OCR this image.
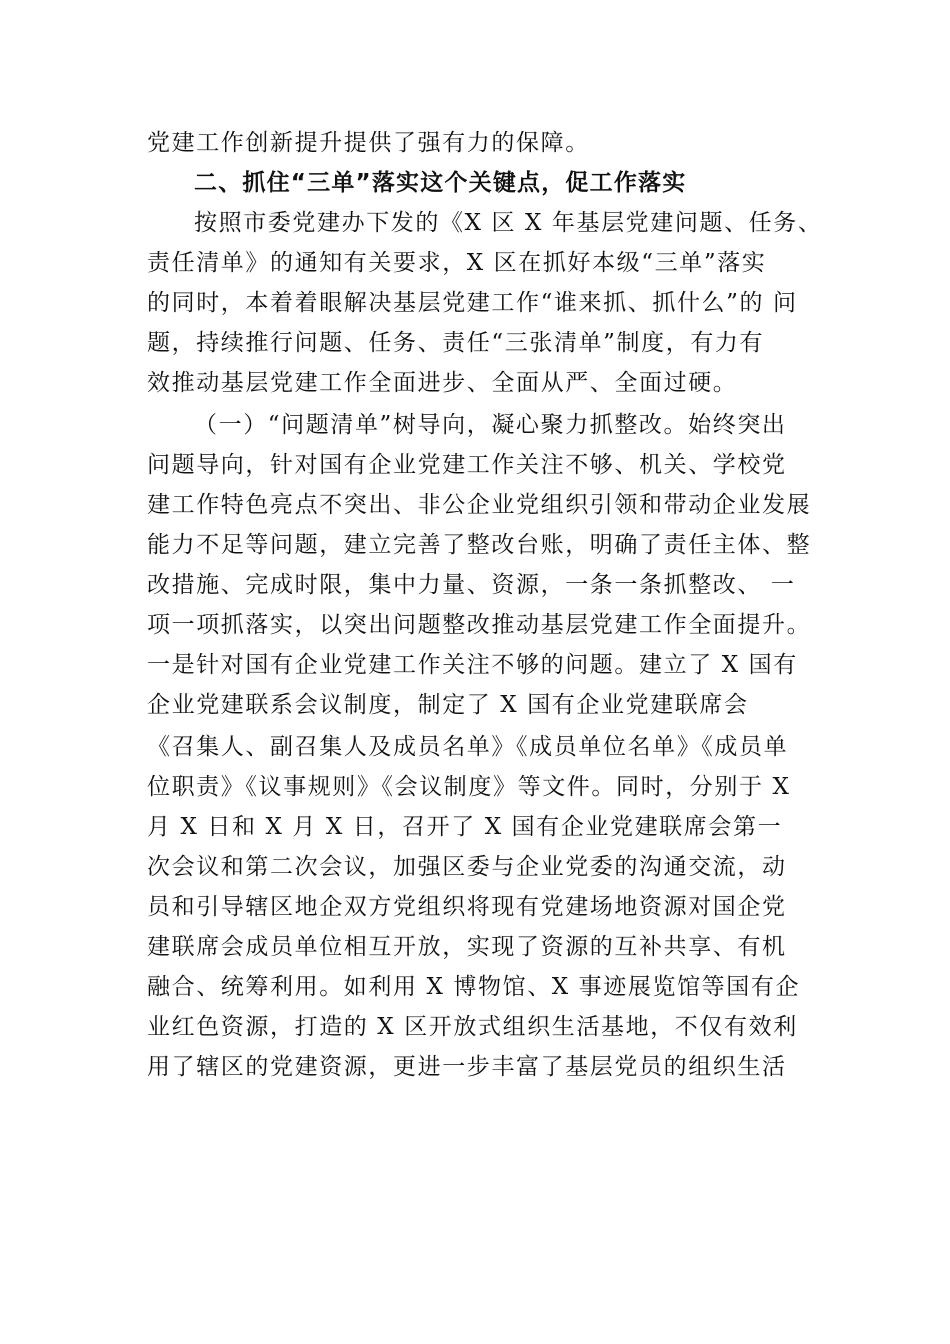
党建工作创新提升提供了强有力的保障。
二、抓住“三单”落实这个关键点，促工作落实
按照市委党建办下发的《X 区 X 年基层党建问题、任务、
责任清单》的通知有关要求，X 区在抓好本级“三单”落实
的同时，本着着眼解决基层党建工作“谁来抓、抓什么”的 问
题，持续推行问题、任务、责任“三张清单”制度，有力有
效推动基层党建工作全面进步、全面从严、全面过硬。
（一）“问题清单”树导向，凝心聚力抓整改。始终突出
问题导向，针对国有企业党建工作关注不够、机关、学校党
建工作特色亮点不突出、非公企业党组织引领和带动企业发展
能力不足等问题，建立完善了整改台账，明确了责任主体、整
改措施、完成时限，集中力量、资源，一条一条抓整改、 一
项一项抓落实，以突出问题整改推动基层党建工作全面提升。
一是针对国有企业党建工作关注不够的问题。建立了 X 国有
企业党建联系会议制度，制定了 X 国有企业党建联席会
《召集人、副召集人及成员名单》《成员单位名单》《成员单
位职责》《议事规则》《会议制度》等文件。同时，分别于 X
月 X 日和 X 月 X 日，召开了 X 国有企业党建联席会第一
次会议和第二次会议，加强区委与企业党委的沟通交流，动
员和引导辖区地企双方党组织将现有党建场地资源对国企党
建联席会成员单位相互开放，实现了资源的互补共享、有机
融合、统筹利用。如利用 X 博物馆、X 事迹展览馆等国有企
业红色资源，打造的 X 区开放式组织生活基地，不仅有效利
用了辖区的党建资源，更进一步丰富了基层党员的组织生活
